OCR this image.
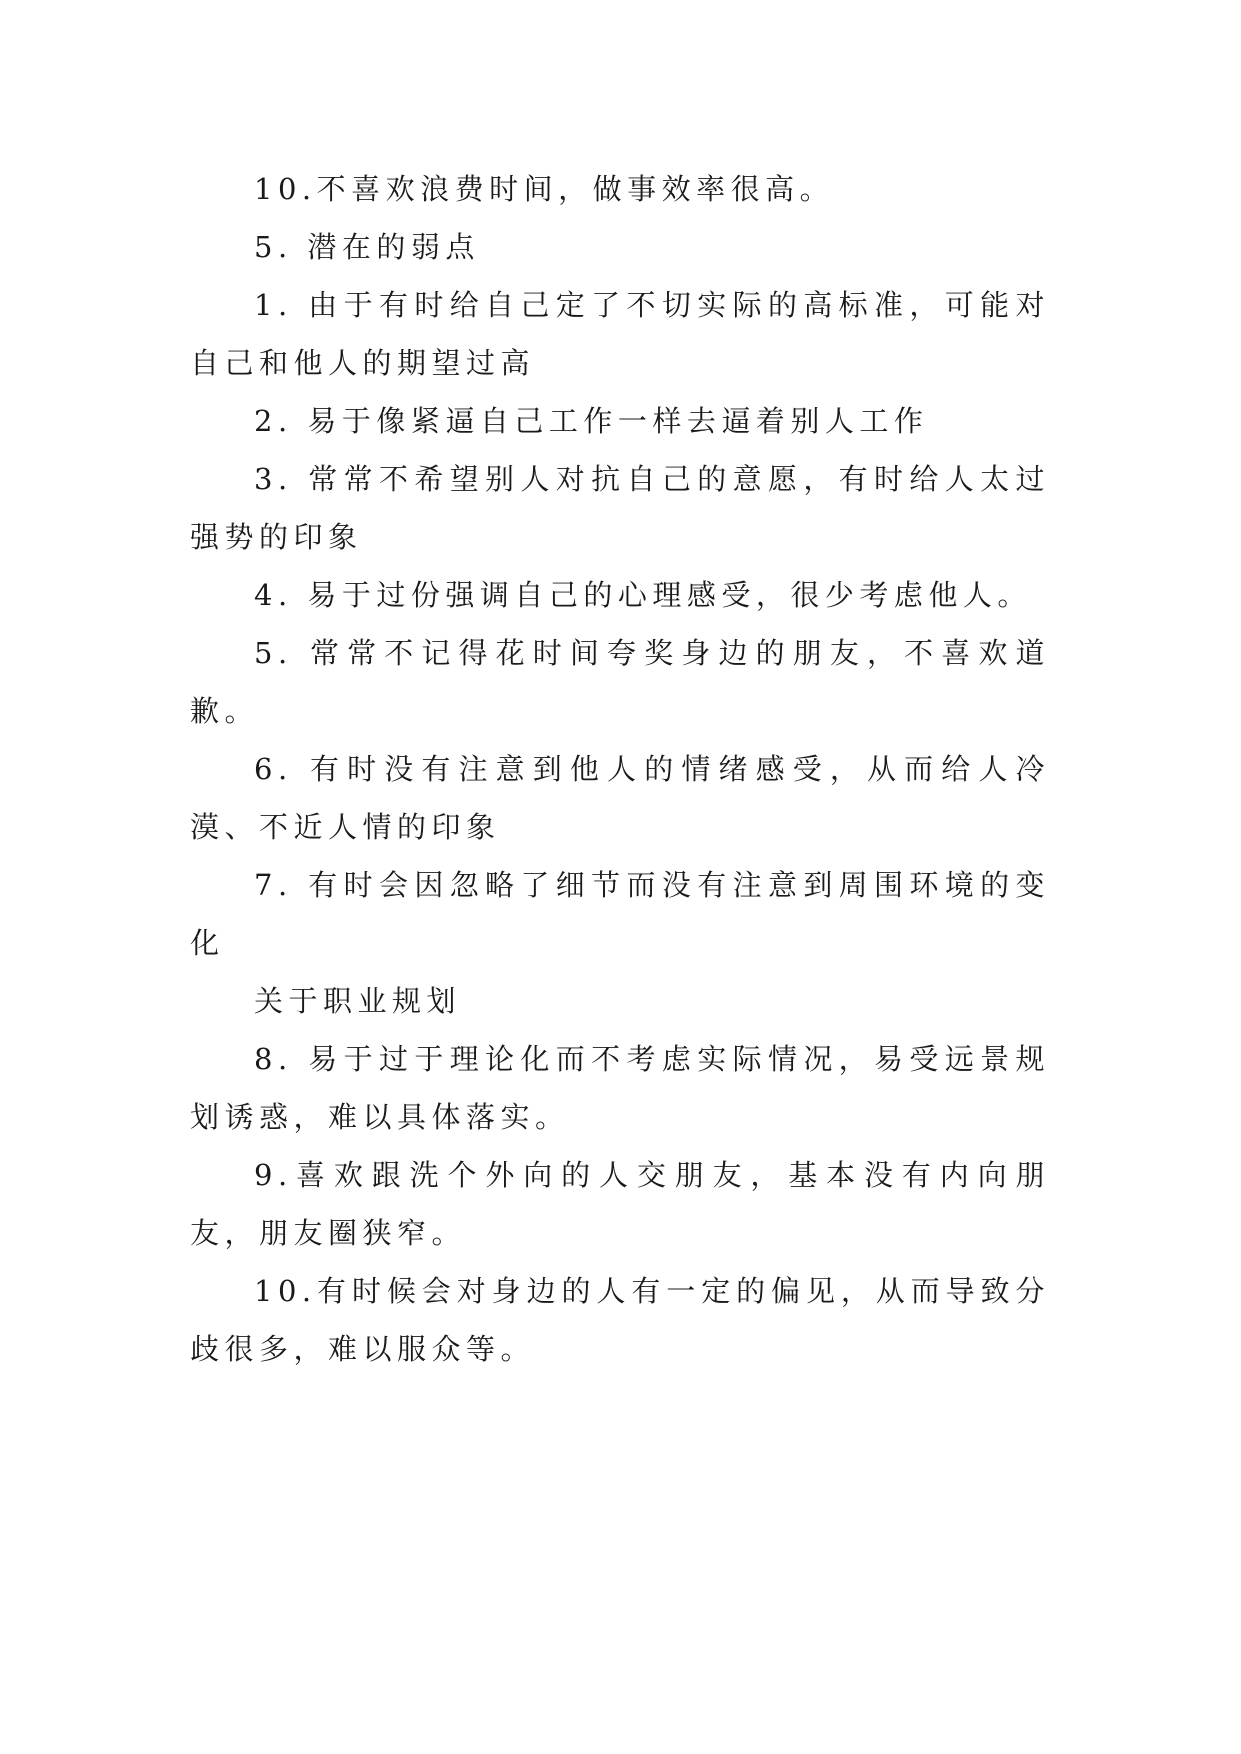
10.不喜欢浪费时间，做事效率很高。

5. 潜在的弱点

1. 由于有时给自己定了不切实际的高标准，可能对自己和他人的期望过高

2. 易于像紧逼自己工作一样去逼着别人工作

3. 常常不希望别人对抗自己的意愿，有时给人太过强势的印象

4. 易于过份强调自己的心理感受，很少考虑他人。

5. 常常不记得花时间夸奖身边的朋友，不喜欢道歉。

6. 有时没有注意到他人的情绪感受，从而给人冷漠、不近人情的印象

7. 有时会因忽略了细节而没有注意到周围环境的变化

关于职业规划

8. 易于过于理论化而不考虑实际情况，易受远景规划诱惑，难以具体落实。

9.喜欢跟洗个外向的人交朋友，基本没有内向朋友，朋友圈狭窄。

10.有时候会对身边的人有一定的偏见，从而导致分歧很多，难以服众等。
